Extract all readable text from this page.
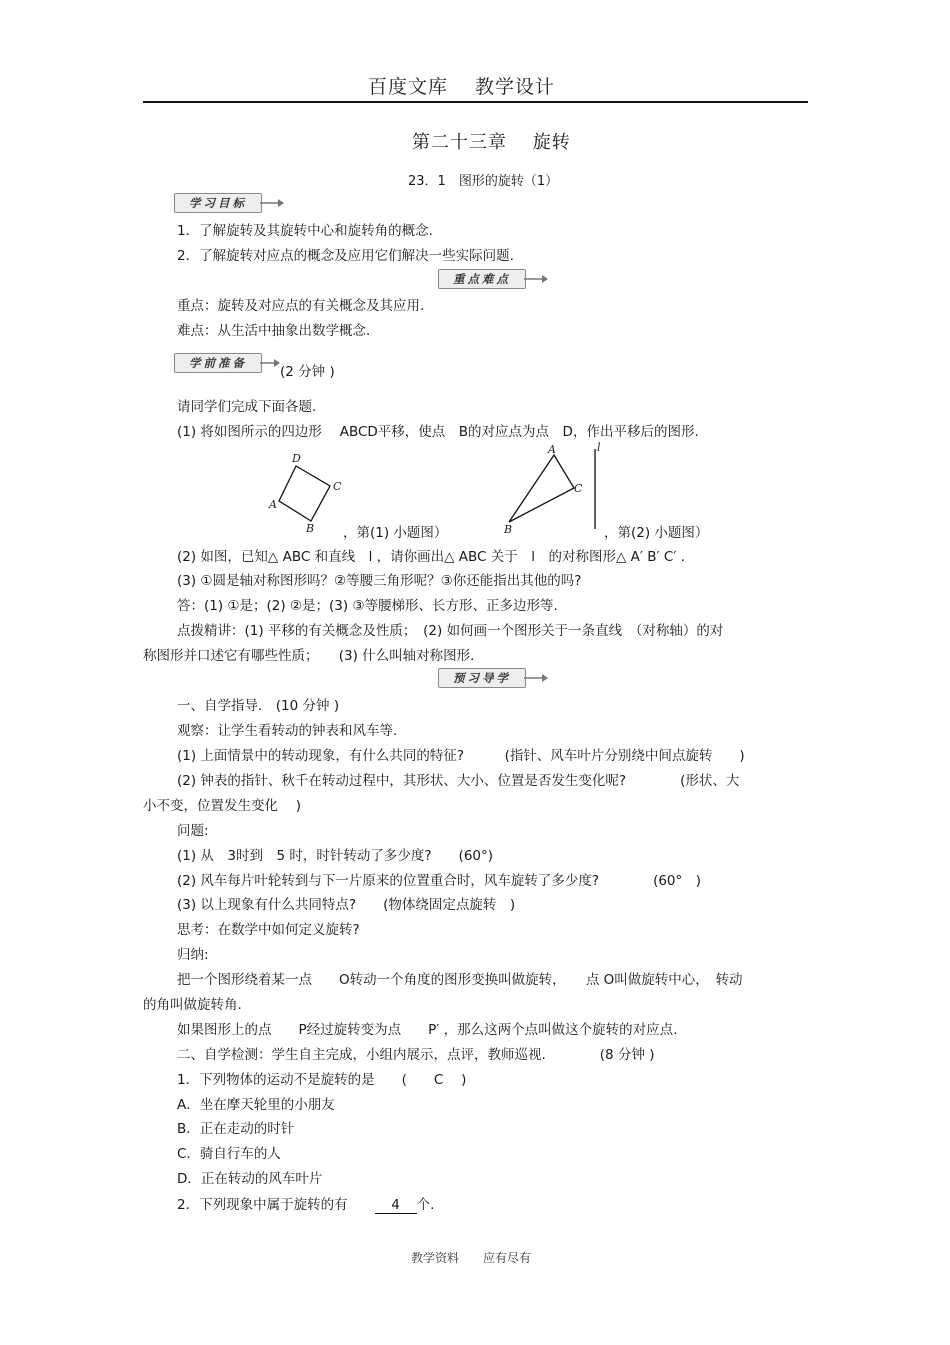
百度文库　 教学设计
第二十三章　 旋转
23．1　图形的旋转（1）
学习目标
1．了解旋转及其旋转中心和旋转角的概念.
2．了解旋转对应点的概念及应用它们解决一些实际问题.
重点难点
重点：旋转及对应点的有关概念及其应用.
难点：从生活中抽象出数学概念.
学前准备
(2 分钟 )
请同学们完成下面各题.
(1) 将如图所示的四边形　 ABCD平移，使点　B的对应点为点　D，作出平移后的图形.
D
C
A
B ，第(1) 小题图）
A
C
B
l
，第(2) 小题图）
(2) 如图，已知△ ABC 和直线　l ，请你画出△ ABC 关于　l　的对称图形△ A′ B′ C′ .
(3) ①圆是轴对称图形吗？②等腰三角形呢？③你还能指出其他的吗?
答：(1) ①是；(2) ②是；(3) ③等腰梯形、长方形、正多边形等.
点拨精讲：(1) 平移的有关概念及性质；　(2) 如何画一个图形关于一条直线　（对称轴）的对
称图形并口述它有哪些性质；　　(3) 什么叫轴对称图形.
预习导学
一、自学指导.　(10 分钟 )
观察：让学生看转动的钟表和风车等.
(1) 上面情景中的转动现象，有什么共同的特征?　　　(指针、风车叶片分别绕中间点旋转　　)
(2) 钟表的指针、秋千在转动过程中，其形状、大小、位置是否发生变化呢?　　　　(形状、大
小不变，位置发生变化　 )
问题:
(1) 从　3时到　5 时，时针转动了多少度?　　(60°)
(2) 风车每片叶轮转到与下一片原来的位置重合时，风车旋转了多少度?　　　　(60°　)
(3) 以上现象有什么共同特点?　　(物体绕固定点旋转　)
思考：在数学中如何定义旋转?
归纳:
把一个图形绕着某一点　　O转动一个角度的图形变换叫做旋转，　　点 O叫做旋转中心，　转动
的角叫做旋转角.
如果图形上的点　　P经过旋转变为点　　P′ ，那么这两个点叫做这个旋转的对应点.
二、自学检测：学生自主完成，小组内展示，点评，教师巡视.　　　　(8 分钟 )
1．下列物体的运动不是旋转的是　　(　　C　 )
A．坐在摩天轮里的小朋友
B．正在走动的时针
C．骑自行车的人
D．正在转动的风车叶片
2．下列现象中属于旋转的有　　4 个.
教学资料　　应有尽有
